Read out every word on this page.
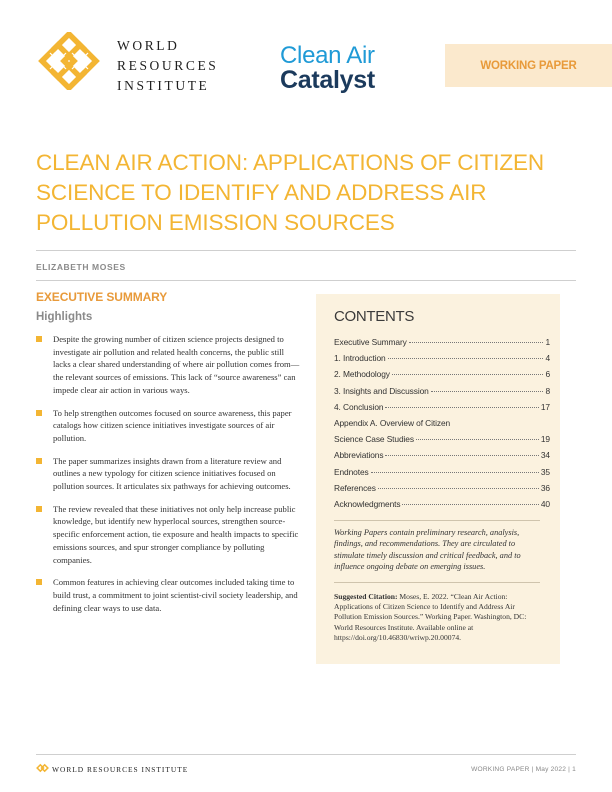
WORLD
RESOURCES
INSTITUTE
Clean Air
Catalyst
WORKING PAPER
CLEAN AIR ACTION: APPLICATIONS OF CITIZEN SCIENCE TO IDENTIFY AND ADDRESS AIR POLLUTION EMISSION SOURCES
ELIZABETH MOSES
EXECUTIVE SUMMARY
Highlights
Despite the growing number of citizen science projects designed to investigate air pollution and related health concerns, the public still lacks a clear shared understanding of where air pollution comes from—the relevant sources of emissions. This lack of “source awareness” can impede clear air action in various ways.
To help strengthen outcomes focused on source awareness, this paper catalogs how citizen science initiatives investigate sources of air pollution.
The paper summarizes insights drawn from a literature review and outlines a new typology for citizen science initiatives focused on pollution sources. It articulates six pathways for achieving outcomes.
The review revealed that these initiatives not only help increase public knowledge, but identify new hyperlocal sources, strengthen source-specific enforcement action, tie exposure and health impacts to specific emissions sources, and spur stronger compliance by polluting companies.
Common features in achieving clear outcomes included taking time to build trust, a commitment to joint scientist-civil society leadership, and defining clear ways to use data.
CONTENTS
Executive Summary	1
1. Introduction	4
2. Methodology	6
3. Insights and Discussion	8
4. Conclusion	17
Appendix A. Overview of Citizen
Science Case Studies	19
Abbreviations	34
Endnotes	35
References	36
Acknowledgments	40

Working Papers contain preliminary research, analysis, findings, and recommendations. They are circulated to stimulate timely discussion and critical feedback, and to influence ongoing debate on emerging issues.

Suggested Citation: Moses, E. 2022. “Clean Air Action: Applications of Citizen Science to Identify and Address Air Pollution Emission Sources.” Working Paper. Washington, DC: World Resources Institute. Available online at https://doi.org/10.46830/wriwp.20.00074.

WORLD RESOURCES INSTITUTE	WORKING PAPER | May 2022 | 1
